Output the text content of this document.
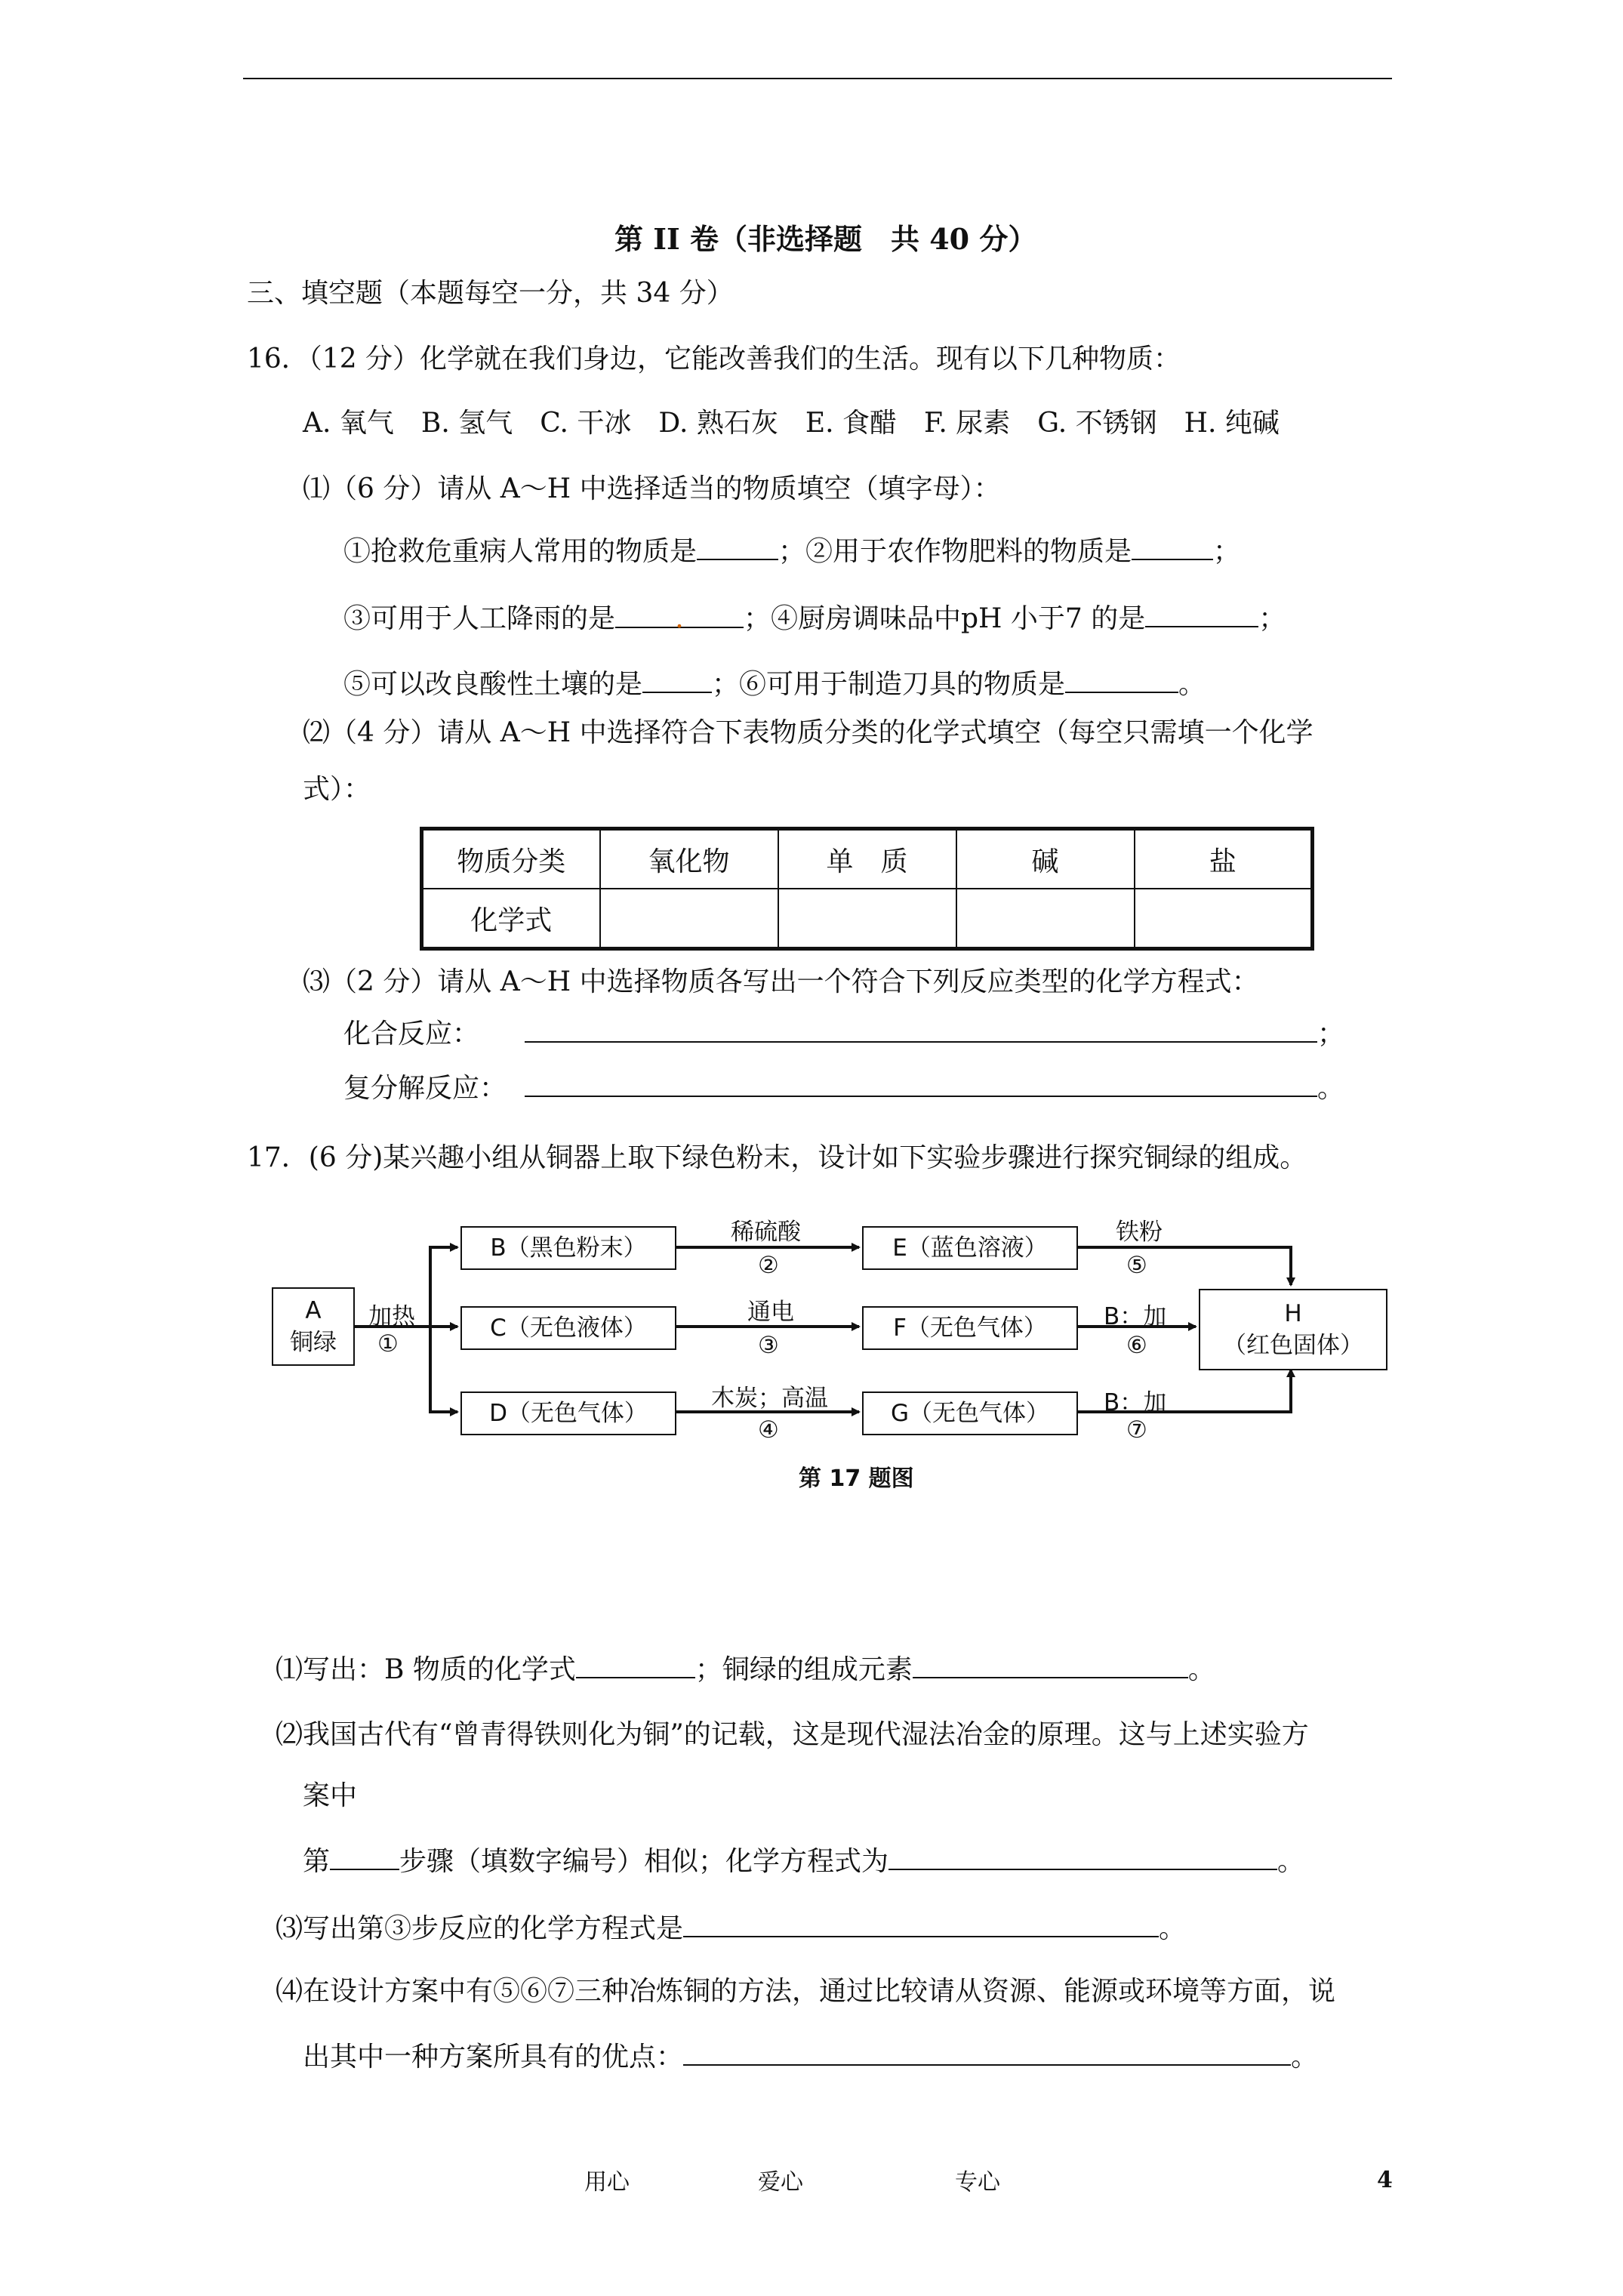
第 II 卷（非选择题　共 40 分）
三、填空题（本题每空一分，共 34 分）
16．（12 分）化学就在我们身边，它能改善我们的生活。现有以下几种物质：
A. 氧气　B. 氢气　C. 干冰　D. 熟石灰　E. 食醋　F. 尿素　G. 不锈钢　H. 纯碱
⑴（6 分）请从 A～H 中选择适当的物质填空（填字母）：
①抢救危重病人常用的物质是	；②用于农作物肥料的物质是	；
③可用于人工降雨的是 . ；④厨房调味品中pH 小于7 的是	；
⑤可以改良酸性土壤的是	；⑥可用于制造刀具的物质是	。
⑵（4 分）请从 A～H 中选择符合下表物质分类的化学式填空（每空只需填一个化学
式）：
物质分类	氧化物	单　质	碱	盐
化学式				
⑶（2 分）请从 A～H 中选择物质各写出一个符合下列反应类型的化学方程式：
化合反应：	；
复分解反应：	。
17．(6 分)某兴趣小组从铜器上取下绿色粉末，设计如下实验步骤进行探究铜绿的组成。
A
铜绿
加热
①
B（黑色粉末）
C（无色液体）
D（无色气体）
E（蓝色溶液）
F（无色气体）
G（无色气体）
H
（红色固体）
稀硫酸
②
通电
③
木炭；高温
④
铁粉
⑤
B：加
⑥
B：加
⑦
第 17 题图
⑴写出：B 物质的化学式	；铜绿的组成元素	。
⑵我国古代有“曾青得铁则化为铜”的记载，这是现代湿法冶金的原理。这与上述实验方
案中
第	步骤（填数字编号）相似；化学方程式为	。
⑶写出第③步反应的化学方程式是	。
⑷在设计方案中有⑤⑥⑦三种冶炼铜的方法，通过比较请从资源、能源或环境等方面，说
出其中一种方案所具有的优点：	。
用心	爱心	专心	4
